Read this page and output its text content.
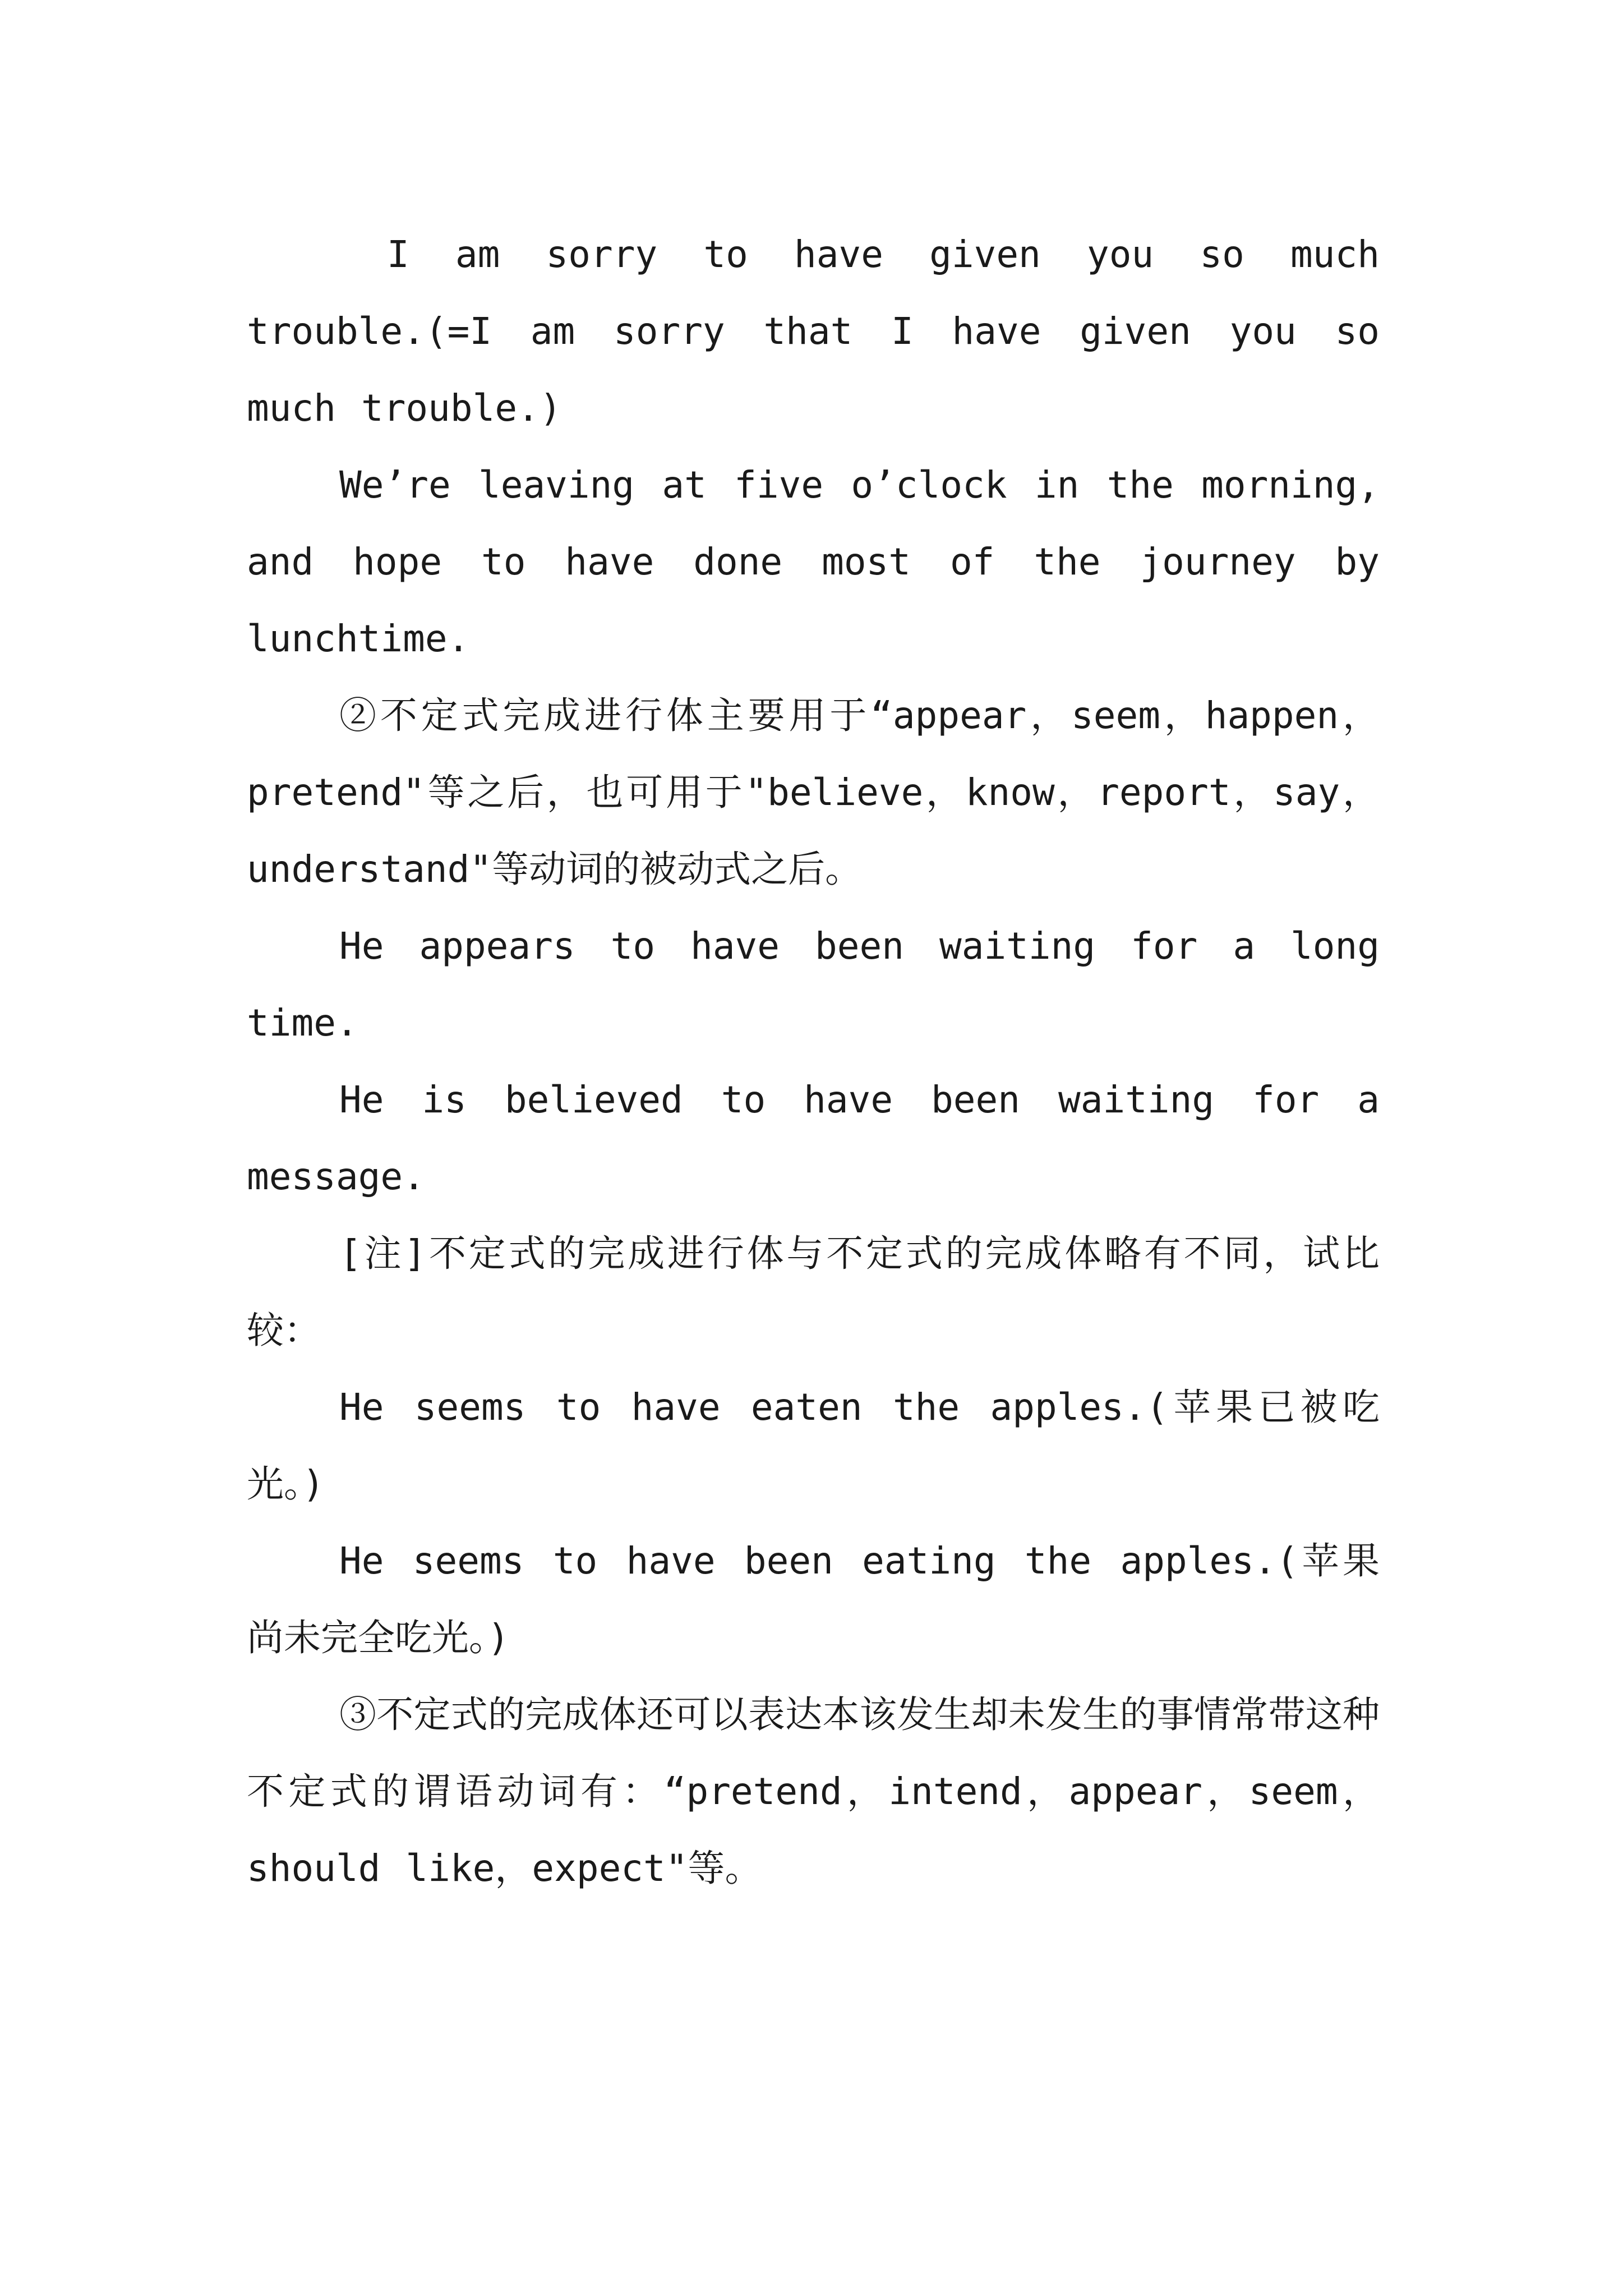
I am sorry to have given you so much trouble.(=I am sorry that I have given you so much trouble.)

We’re leaving at five o’clock in the morning, and hope to have done most of the journey by lunchtime.

②不定式完成进行体主要用于“appear，seem，happen，pretend"等之后，也可用于"believe，know，report，say，understand"等动词的被动式之后。

He appears to have been waiting for a long time.

He is believed to have been waiting for a message.

[注]不定式的完成进行体与不定式的完成体略有不同，试比较：

He seems to have eaten the apples.(苹果已被吃光。)

He seems to have been eating the apples.(苹果尚未完全吃光。)

③不定式的完成体还可以表达本该发生却未发生的事情常带这种不定式的谓语动词有：“pretend，intend，appear，seem，should like，expect"等。
